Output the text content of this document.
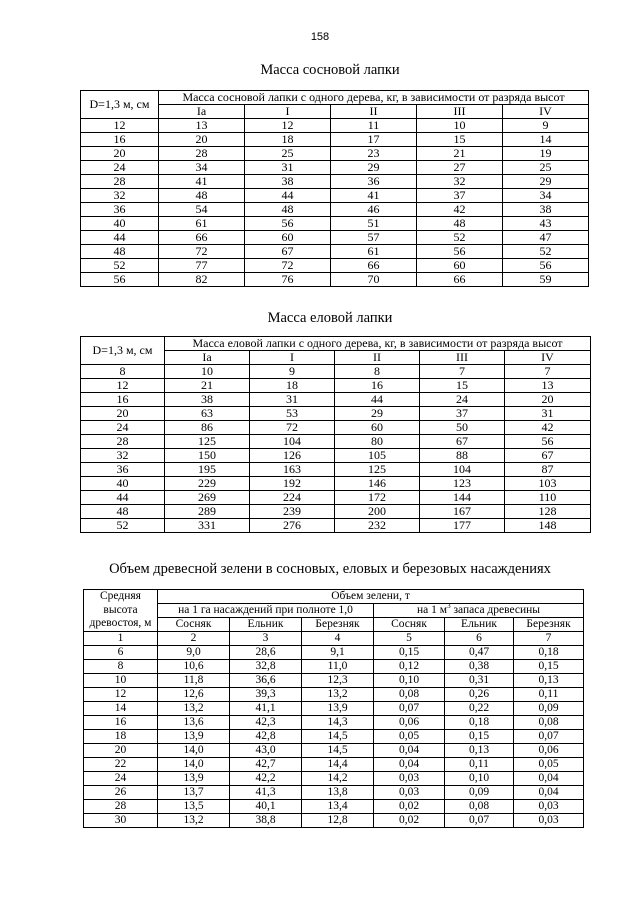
158
Масса сосновой лапки
D=1,3 м, см	Масса сосновой лапки с одного дерева, кг, в зависимости от разряда высот				
	Ia	I	II	III	IV
12	13	12	11	10	9
16	20	18	17	15	14
20	28	25	23	21	19
24	34	31	29	27	25
28	41	38	36	32	29
32	48	44	41	37	34
36	54	48	46	42	38
40	61	56	51	48	43
44	66	60	57	52	47
48	72	67	61	56	52
52	77	72	66	60	56
56	82	76	70	66	59
Масса еловой лапки
D=1,3 м, см	Масса еловой лапки с одного дерева, кг, в зависимости от разряда высот				
	Ia	I	II	III	IV
8	10	9	8	7	7
12	21	18	16	15	13
16	38	31	44	24	20
20	63	53	29	37	31
24	86	72	60	50	42
28	125	104	80	67	56
32	150	126	105	88	67
36	195	163	125	104	87
40	229	192	146	123	103
44	269	224	172	144	110
48	289	239	200	167	128
52	331	276	232	177	148
Объем древесной зелени в сосновых, еловых и березовых насаждениях
Средняя
высота
древостоя, м	Объем зелени, т					
	на 1 га насаждений при полноте 1,0			на 1 $м^3$ запаса древесины		
	Сосняк	Ельник	Березняк	Сосняк	Ельник	Березняк
1	2	3	4	5	6	7
6	9,0	28,6	9,1	0,15	0,47	0,18
8	10,6	32,8	11,0	0,12	0,38	0,15
10	11,8	36,6	12,3	0,10	0,31	0,13
12	12,6	39,3	13,2	0,08	0,26	0,11
14	13,2	41,1	13,9	0,07	0,22	0,09
16	13,6	42,3	14,3	0,06	0,18	0,08
18	13,9	42,8	14,5	0,05	0,15	0,07
20	14,0	43,0	14,5	0,04	0,13	0,06
22	14,0	42,7	14,4	0,04	0,11	0,05
24	13,9	42,2	14,2	0,03	0,10	0,04
26	13,7	41,3	13,8	0,03	0,09	0,04
28	13,5	40,1	13,4	0,02	0,08	0,03
30	13,2	38,8	12,8	0,02	0,07	0,03
